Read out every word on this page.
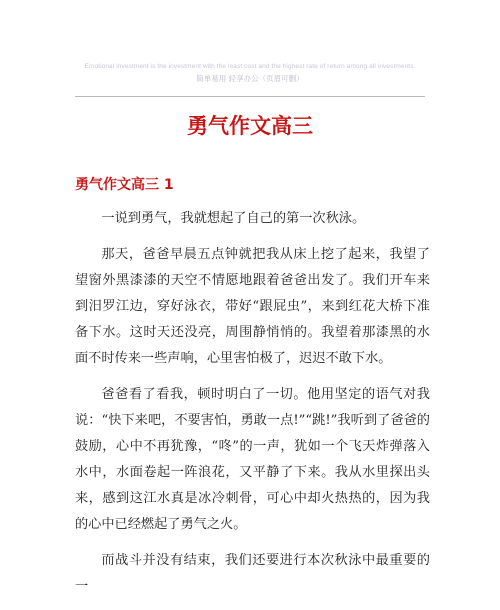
Emotional investment is the investment with the least cost and the highest rate of return among all investments.
简单易用 轻享办公（页眉可删）
勇气作文高三
勇气作文高三 1

一说到勇气，我就想起了自己的第一次秋泳。

那天，爸爸早晨五点钟就把我从床上挖了起来，我望了望窗外黑漆漆的天空不情愿地跟着爸爸出发了。我们开车来到汨罗江边，穿好泳衣，带好“跟屁虫”，来到红花大桥下准备下水。这时天还没亮，周围静悄悄的。我望着那漆黑的水面不时传来一些声响，心里害怕极了，迟迟不敢下水。

爸爸看了看我，顿时明白了一切。他用坚定的语气对我说：“快下来吧，不要害怕，勇敢一点!”“跳!”我听到了爸爸的鼓励，心中不再犹豫，“咚”的一声，犹如一个飞天炸弹落入水中，水面卷起一阵浪花，又平静了下来。我从水里探出头来，感到这江水真是冰冷刺骨，可心中却火热热的，因为我的心中已经燃起了勇气之火。

而战斗并没有结束，我们还要进行本次秋泳中最重要的一
